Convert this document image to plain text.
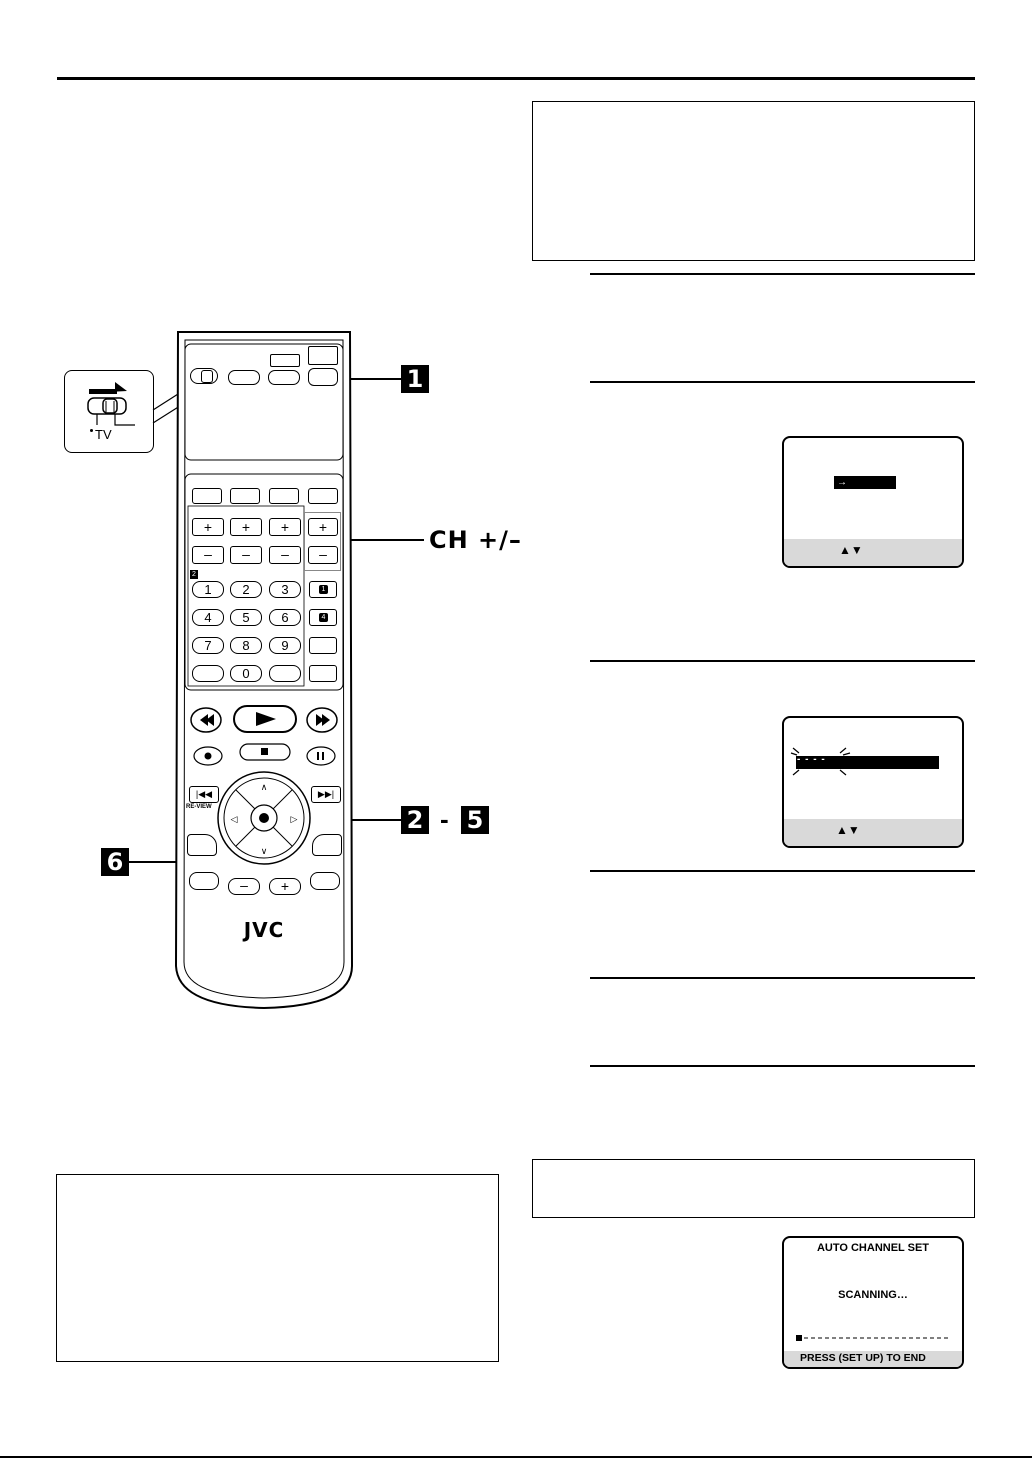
→
▲▼
- - - -
▲▼
AUTO CHANNEL SET
SCANNING…
PRESS (SET UP) TO END
1
CH +/–
2 - 5
6
TV
+	+	+	+
–	–	–	–
2
1	2	3	1
4	5	6	4
7	8	9
0
|◀◀
RE-VIEW
▶▶|
∧
∨
◁	▷
–	+
JVC
